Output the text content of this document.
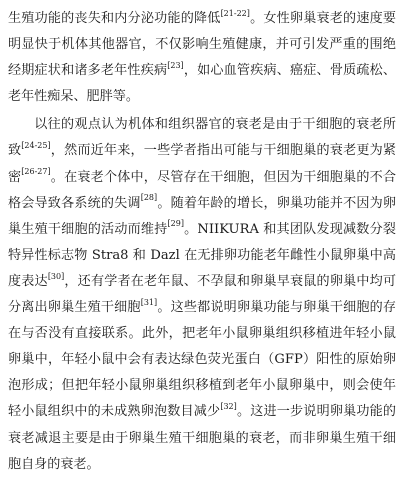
生殖功能的丧失和内分泌功能的降低[21-22]。女性卵巢衰老的速度要明显快于机体其他器官，不仅影响生殖健康，并可引发严重的围绝经期症状和诸多老年性疾病[23]，如心血管疾病、癌症、骨质疏松、老年性痴呆、肥胖等。

以往的观点认为机体和组织器官的衰老是由于干细胞的衰老所致[24-25]，然而近年来，一些学者指出可能与干细胞巢的衰老更为紧密[26-27]。在衰老个体中，尽管存在干细胞，但因为干细胞巢的不合格会导致各系统的失调[28]。随着年龄的增长，卵巢功能并不因为卵巢生殖干细胞的活动而维持[29]。NIIKURA 和其团队发现减数分裂特异性标志物 Stra8 和 Dazl 在无排卵功能老年雌性小鼠卵巢中高度表达[30]，还有学者在老年鼠、不孕鼠和卵巢早衰鼠的卵巢中均可分离出卵巢生殖干细胞[31]。这些都说明卵巢功能与卵巢干细胞的存在与否没有直接联系。此外，把老年小鼠卵巢组织移植进年轻小鼠卵巢中，年轻小鼠中会有表达绿色荧光蛋白（GFP）阳性的原始卵泡形成；但把年轻小鼠卵巢组织移植到老年小鼠卵巢中，则会使年轻小鼠组织中的未成熟卵泡数目减少[32]。这进一步说明卵巢功能的衰老减退主要是由于卵巢生殖干细胞巢的衰老，而非卵巢生殖干细胞自身的衰老。
